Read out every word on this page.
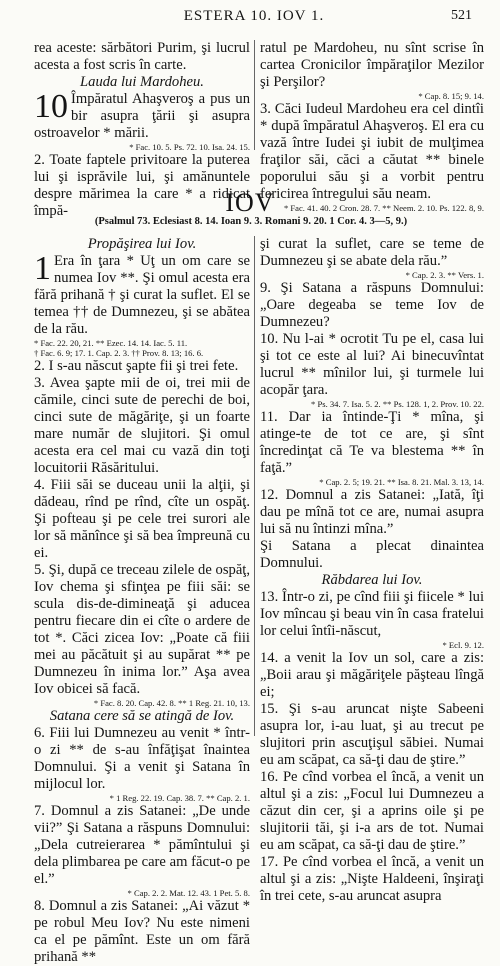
ESTERA 10. IOV 1.	521

rea aceste: sărbători Purim, şi lucrul acesta a fost scris în carte.

Lauda lui Mardoheu.

10 Împăratul Ahaşveroş a pus un bir asupra ţării şi asupra ostroavelor * mării.

* Fac. 10. 5. Ps. 72. 10. Isa. 24. 15.

2. Toate faptele privitoare la puterea lui şi isprăvile lui, şi amănuntele despre mărimea la care * a ridicat împă-

ratul pe Mardoheu, nu sînt scrise în cartea Cronicilor împăraţilor Mezilor şi Perşilor?

* Cap. 8. 15; 9. 14.

3. Căci Iudeul Mardoheu era cel dintîi * după împăratul Ahaşveroş. El era cu vază între Iudei şi iubit de mulţimea fraţilor săi, căci a căutat ** binele poporului său şi a vorbit pentru fericirea întregului său neam.

* Fac. 41. 40. 2 Cron. 28. 7. ** Neem. 2. 10. Ps. 122. 8, 9.

IOV
(Psalmul 73. Eclesiast 8. 14. Ioan 9. 3. Romani 9. 20. 1 Cor. 4. 3—5, 9.)

Propăşirea lui Iov.

1 Era în ţara * Uţ un om care se numea Iov **. Şi omul acesta era fără prihană † şi curat la suflet. El se temea †† de Dumnezeu, şi se abătea de la rău.

* Fac. 22. 20, 21. ** Ezec. 14. 14. Iac. 5. 11.

† Fac. 6. 9; 17. 1. Cap. 2. 3. †† Prov. 8. 13; 16. 6.

2. I s-au născut şapte fii şi trei fete.

3. Avea şapte mii de oi, trei mii de cămile, cinci sute de perechi de boi, cinci sute de măgăriţe, şi un foarte mare număr de slujitori. Şi omul acesta era cel mai cu vază din toţi locuitorii Răsăritului.

4. Fiii săi se duceau unii la alţii, şi dădeau, rînd pe rînd, cîte un ospăţ. Şi pofteau şi pe cele trei surori ale lor să mănînce şi să bea împreună cu ei.

5. Şi, după ce treceau zilele de ospăţ, Iov chema şi sfinţea pe fiii săi: se scula dis-de-dimineaţă şi aducea pentru fiecare din ei cîte o ardere de tot *. Căci zicea Iov: „Poate că fiii mei au păcătuit şi au supărat ** pe Dumnezeu în inima lor.” Aşa avea Iov obicei să facă.

* Fac. 8. 20. Cap. 42. 8. ** 1 Reg. 21. 10, 13.

Satana cere să se atingă de Iov.

6. Fiii lui Dumnezeu au venit * într-o zi ** de s-au înfăţişat înaintea Domnului. Şi a venit şi Satana în mijlocul lor.

* 1 Reg. 22. 19. Cap. 38. 7. ** Cap. 2. 1.

7. Domnul a zis Satanei: „De unde vii?” Şi Satana a răspuns Domnului: „Dela cutreierarea * pămîntului şi dela plimbarea pe care am făcut-o pe el.”

* Cap. 2. 2. Mat. 12. 43. 1 Pet. 5. 8.

8. Domnul a zis Satanei: „Ai văzut * pe robul Meu Iov? Nu este nimeni ca el pe pămînt. Este un om fără prihană **

şi curat la suflet, care se teme de Dumnezeu şi se abate dela rău.”

* Cap. 2. 3. ** Vers. 1.

9. Şi Satana a răspuns Domnului: „Oare degeaba se teme Iov de Dumnezeu?

10. Nu l-ai * ocrotit Tu pe el, casa lui şi tot ce este al lui? Ai binecuvîntat lucrul ** mînilor lui, şi turmele lui acopăr ţara.

* Ps. 34. 7. Isa. 5. 2. ** Ps. 128. 1, 2. Prov. 10. 22.

11. Dar ia întinde-Ţi * mîna, şi atinge-te de tot ce are, şi sînt încredinţat că Te va blestema ** în faţă.”

* Cap. 2. 5; 19. 21. ** Isa. 8. 21. Mal. 3. 13, 14.

12. Domnul a zis Satanei: „Iată, îţi dau pe mînă tot ce are, numai asupra lui să nu întinzi mîna.”

Şi Satana a plecat dinaintea Domnului.

Răbdarea lui Iov.

13. Într-o zi, pe cînd fiii şi fiicele * lui Iov mîncau şi beau vin în casa fratelui lor celui întîi-născut,

* Ecl. 9. 12.

14. a venit la Iov un sol, care a zis: „Boii arau şi măgăriţele păşteau lîngă ei;

15. Şi s-au aruncat nişte Sabeeni asupra lor, i-au luat, şi au trecut pe slujitori prin ascuţişul săbiei. Numai eu am scăpat, ca să-ţi dau de ştire.”

16. Pe cînd vorbea el încă, a venit un altul şi a zis: „Focul lui Dumnezeu a căzut din cer, şi a aprins oile şi pe slujitorii tăi, şi i-a ars de tot. Numai eu am scăpat, ca să-ţi dau de ştire.”

17. Pe cînd vorbea el încă, a venit un altul şi a zis: „Nişte Haldeeni, înşiraţi în trei cete, s-au aruncat asupra
